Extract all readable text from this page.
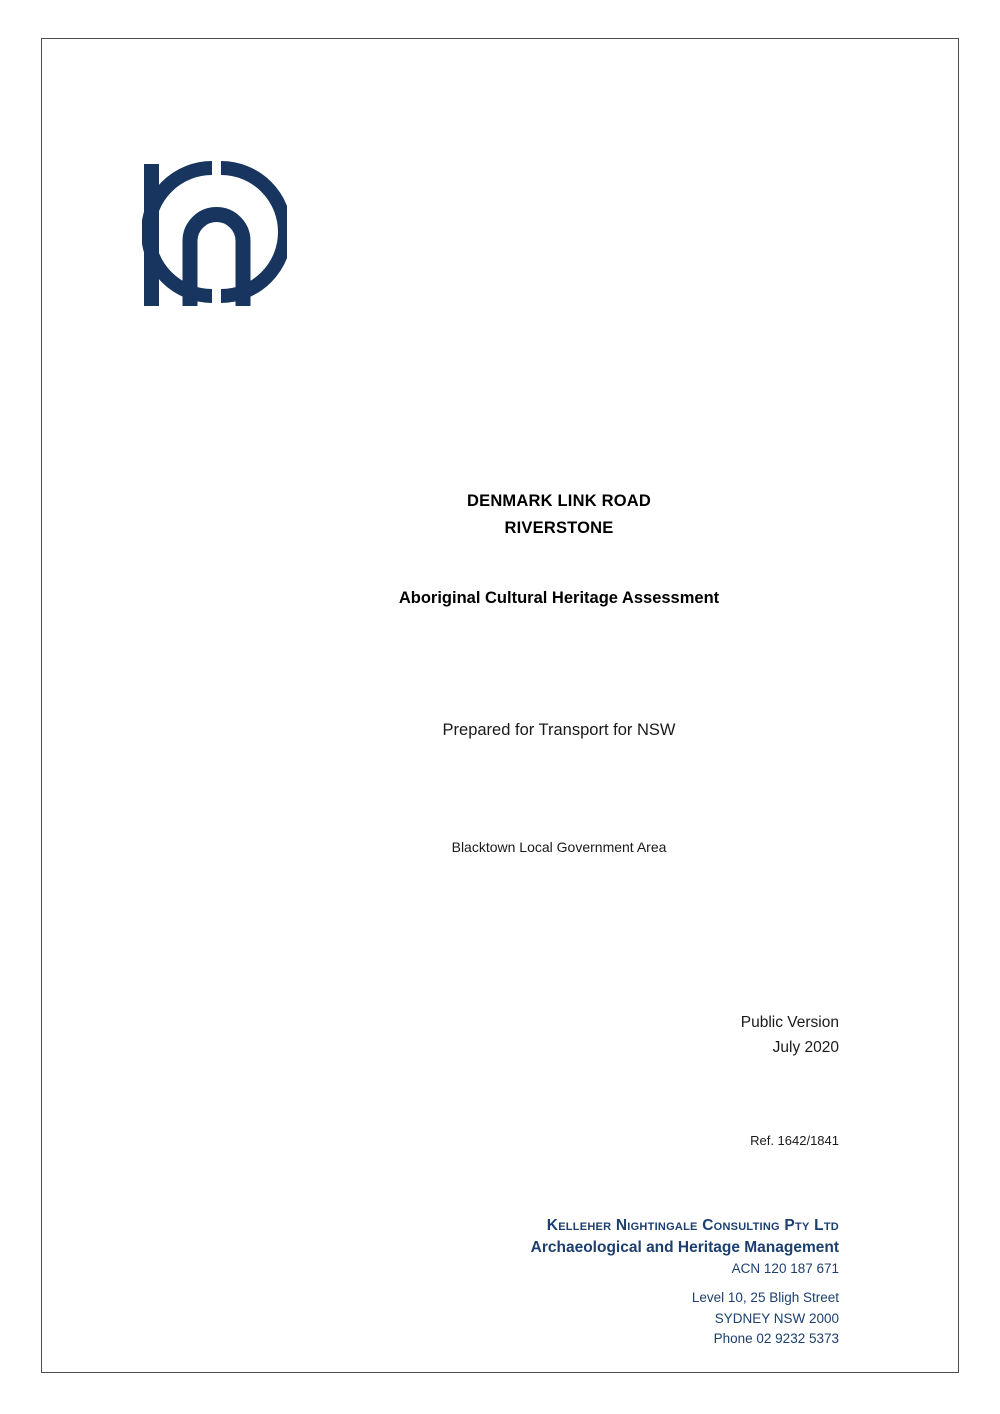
DENMARK LINK ROAD
RIVERSTONE
Aboriginal Cultural Heritage Assessment
Prepared for Transport for NSW
Blacktown Local Government Area
Public Version
July 2020
Ref. 1642/1841
Kelleher Nightingale Consulting Pty Ltd
Archaeological and Heritage Management
ACN 120 187 671
Level 10, 25 Bligh Street
SYDNEY NSW 2000
Phone 02 9232 5373
